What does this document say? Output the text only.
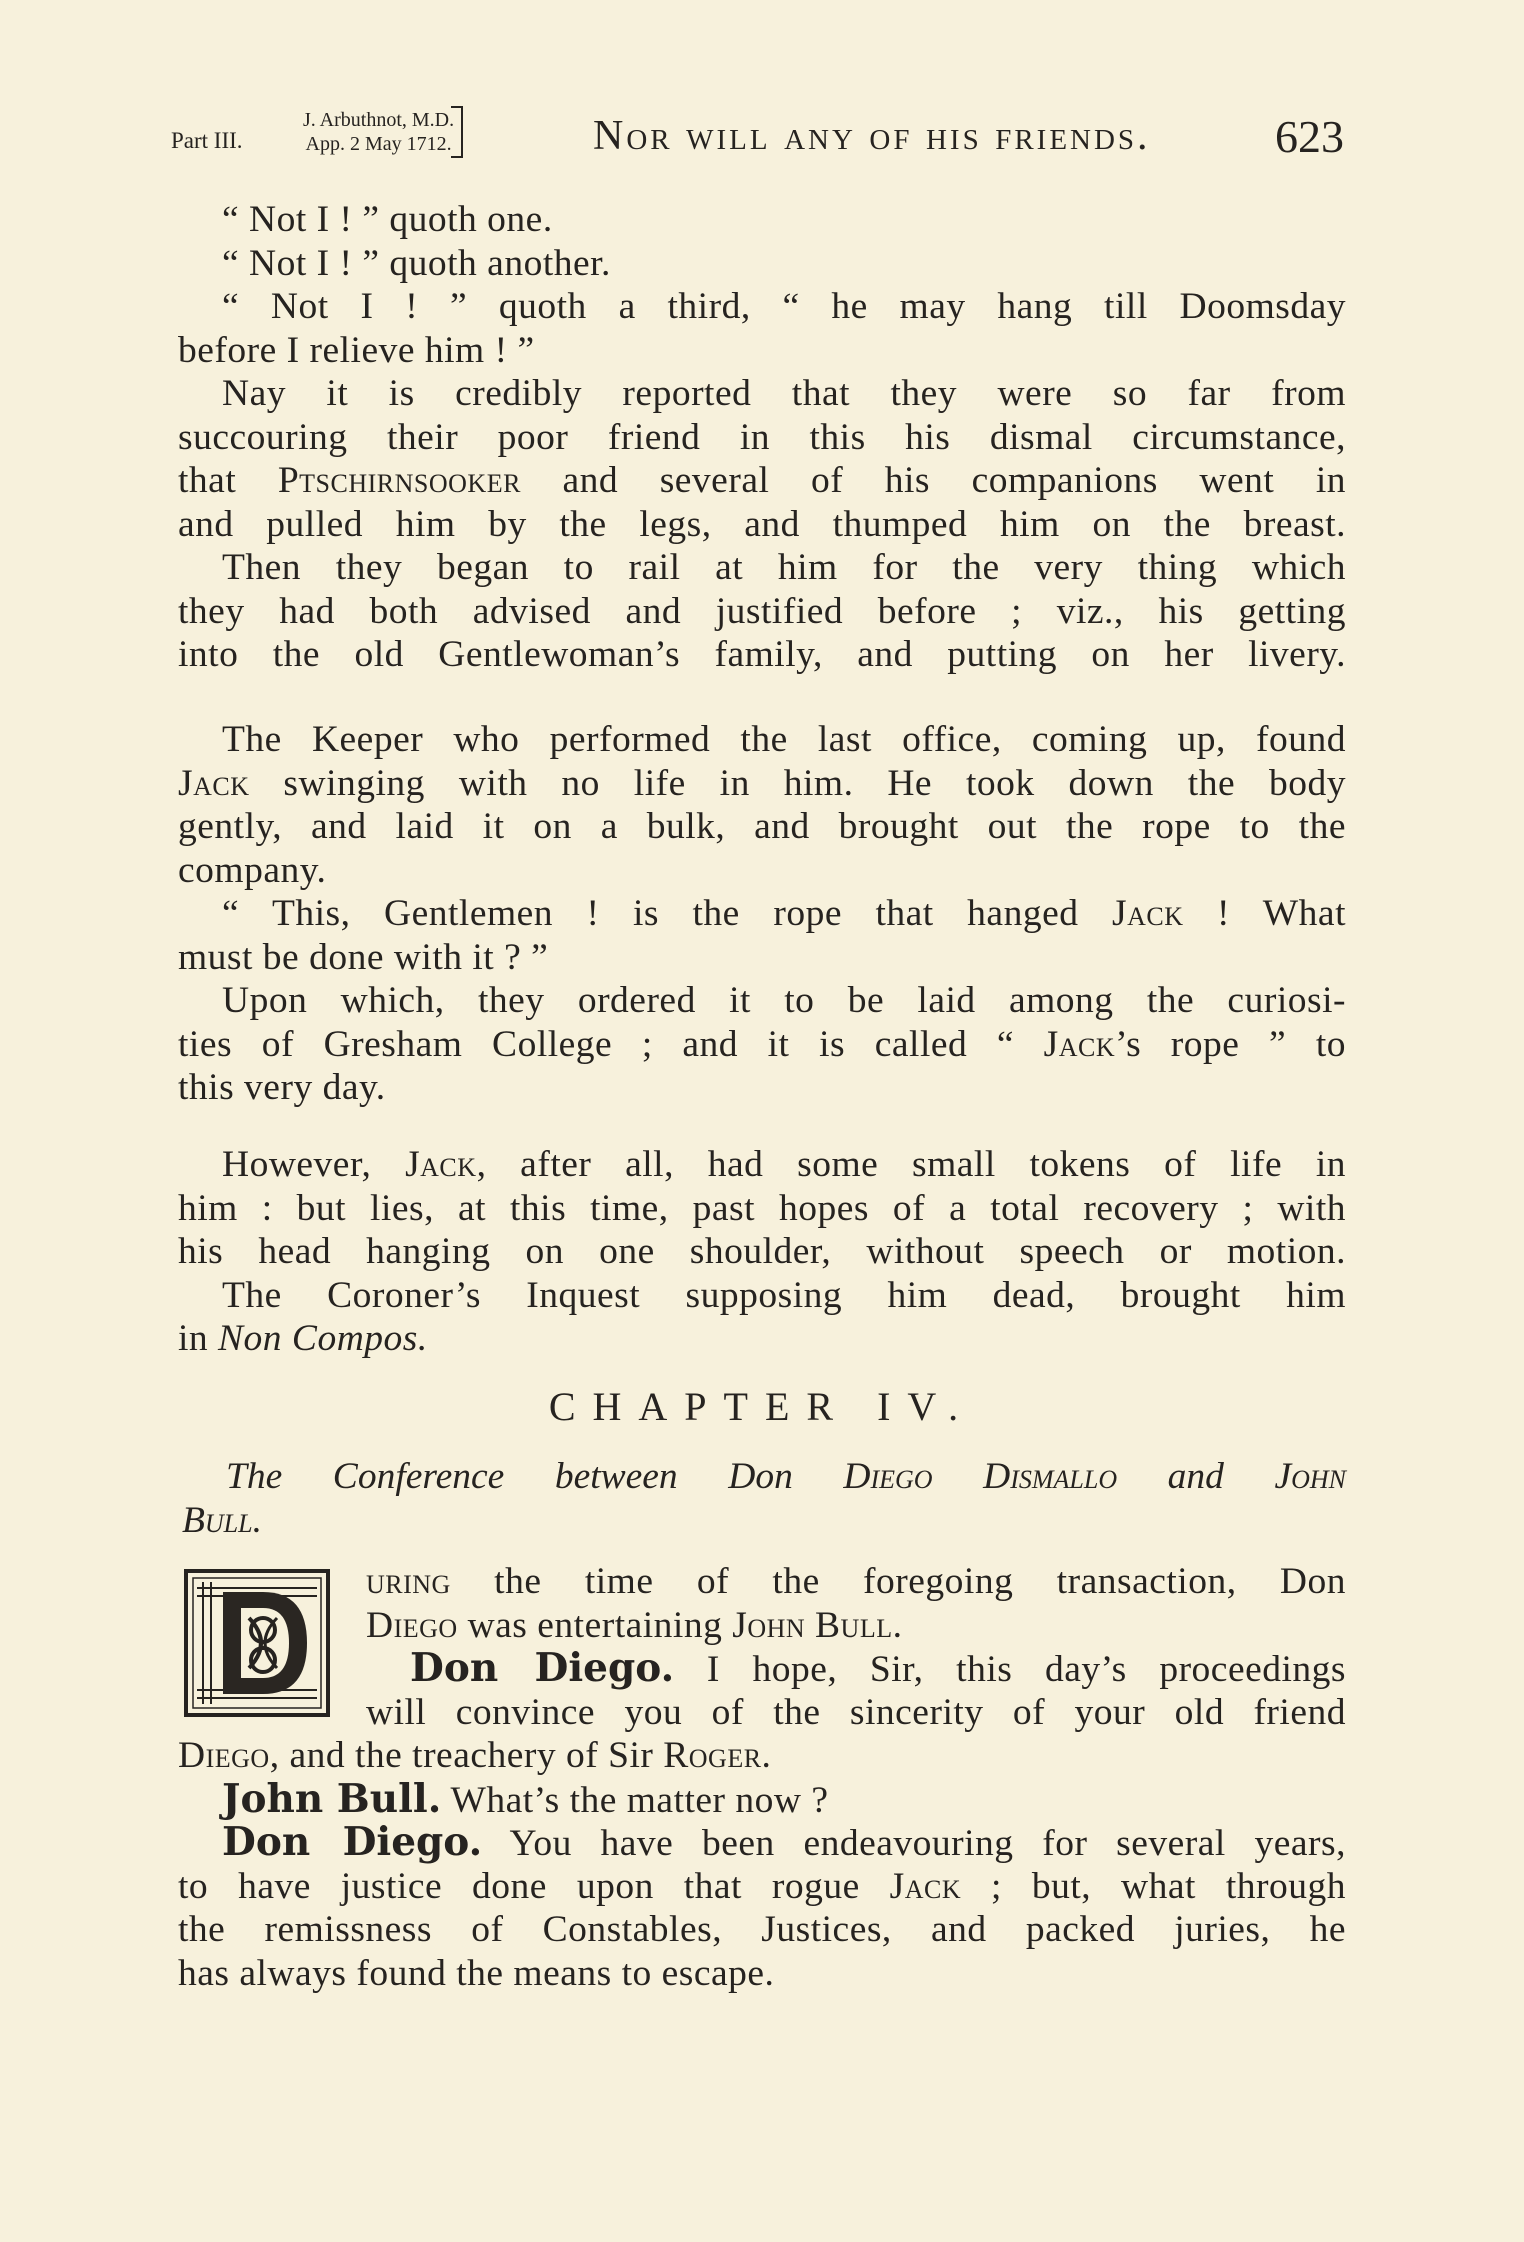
Part III.
J. Arbuthnot, M.D.
App. 2 May 1712.	Nor will any of his friends.	623
“ Not I ! ” quoth one.
“ Not I ! ” quoth another.
“ Not I ! ” quoth a third, “ he may hang till Doomsday
before I relieve him ! ”
Nay it is credibly reported that they were so far from
succouring their poor friend in this his dismal circumstance,
that Ptschirnsooker and several of his companions went in
and pulled him by the legs, and thumped him on the breast.
Then they began to rail at him for the very thing which
they had both advised and justified before ; viz., his getting
into the old Gentlewoman’s family, and putting on her livery.
The Keeper who performed the last office, coming up, found
Jack swinging with no life in him. He took down the body
gently, and laid it on a bulk, and brought out the rope to the
company.
“ This, Gentlemen ! is the rope that hanged Jack ! What
must be done with it ? ”
Upon which, they ordered it to be laid among the curiosi-
ties of Gresham College ; and it is called “ Jack’s rope ” to
this very day.
However, Jack, after all, had some small tokens of life in
him : but lies, at this time, past hopes of a total recovery ; with
his head hanging on one shoulder, without speech or motion.
The Coroner’s Inquest supposing him dead, brought him
in Non Compos.
CHAPTER IV.
The Conference between Don Diego Dismallo and John
Bull.
uring the time of the foregoing transaction, Don
Diego was entertaining John Bull.
Don Diego. I hope, Sir, this day’s proceedings
will convince you of the sincerity of your old friend
Diego, and the treachery of Sir Roger.
John Bull. What’s the matter now ?
Don Diego. You have been endeavouring for several years,
to have justice done upon that rogue Jack ; but, what through
the remissness of Constables, Justices, and packed juries, he
has always found the means to escape.
